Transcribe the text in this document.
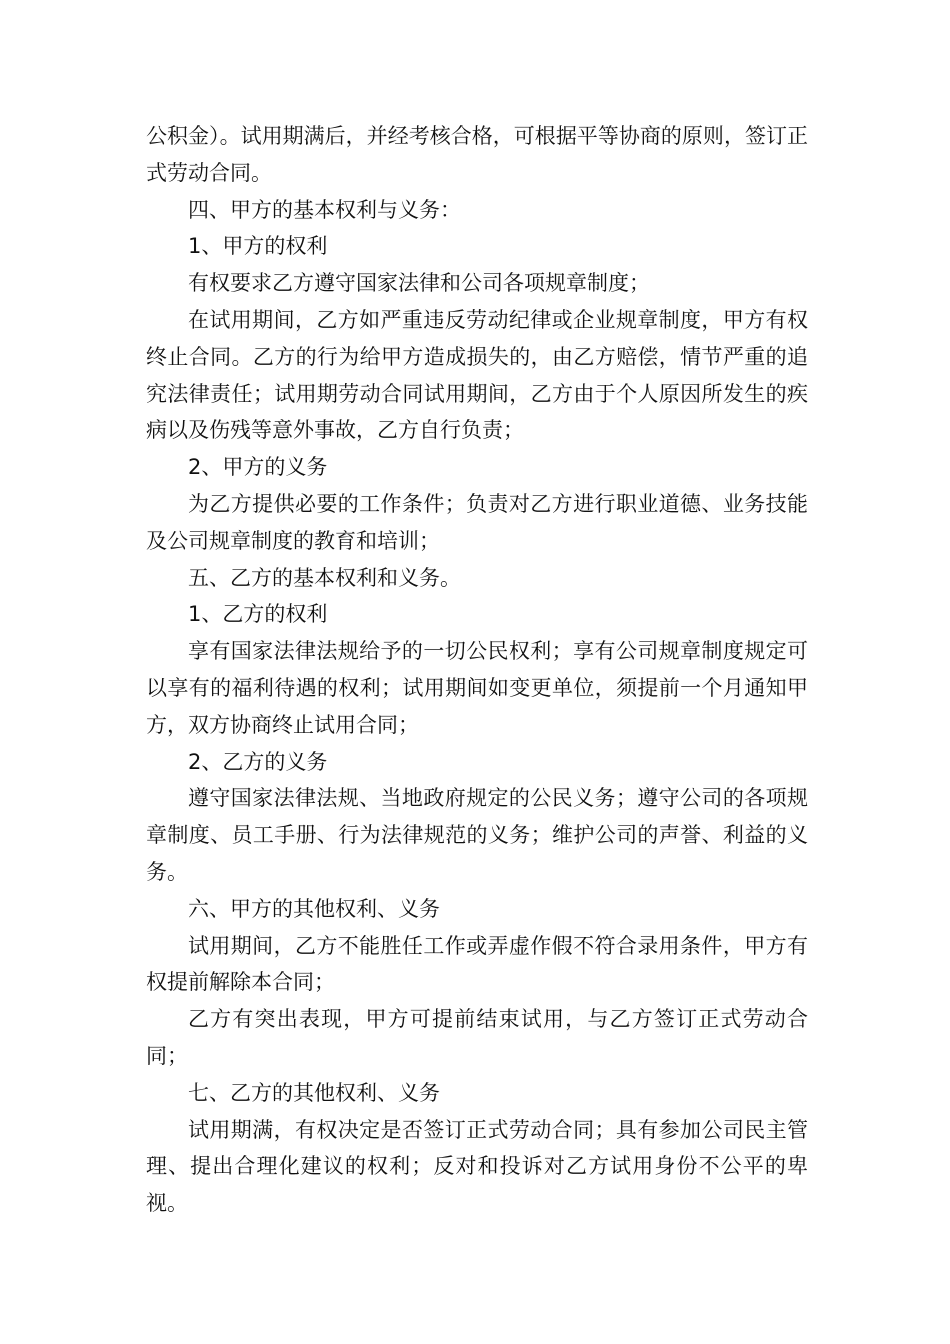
公积金）。试用期满后，并经考核合格，可根据平等协商的原则，签订正式劳动合同。

四、甲方的基本权利与义务：

1、甲方的权利

有权要求乙方遵守国家法律和公司各项规章制度；

在试用期间，乙方如严重违反劳动纪律或企业规章制度，甲方有权终止合同。乙方的行为给甲方造成损失的，由乙方赔偿，情节严重的追究法律责任；试用期劳动合同试用期间，乙方由于个人原因所发生的疾病以及伤残等意外事故，乙方自行负责；

2、甲方的义务

为乙方提供必要的工作条件；负责对乙方进行职业道德、业务技能及公司规章制度的教育和培训；

五、乙方的基本权利和义务。

1、乙方的权利

享有国家法律法规给予的一切公民权利；享有公司规章制度规定可以享有的福利待遇的权利；试用期间如变更单位，须提前一个月通知甲方，双方协商终止试用合同；

2、乙方的义务

遵守国家法律法规、当地政府规定的公民义务；遵守公司的各项规章制度、员工手册、行为法律规范的义务；维护公司的声誉、利益的义务。

六、甲方的其他权利、义务

试用期间，乙方不能胜任工作或弄虚作假不符合录用条件，甲方有权提前解除本合同；

乙方有突出表现，甲方可提前结束试用，与乙方签订正式劳动合同；

七、乙方的其他权利、义务

试用期满，有权决定是否签订正式劳动合同；具有参加公司民主管理、提出合理化建议的权利；反对和投诉对乙方试用身份不公平的卑视。
